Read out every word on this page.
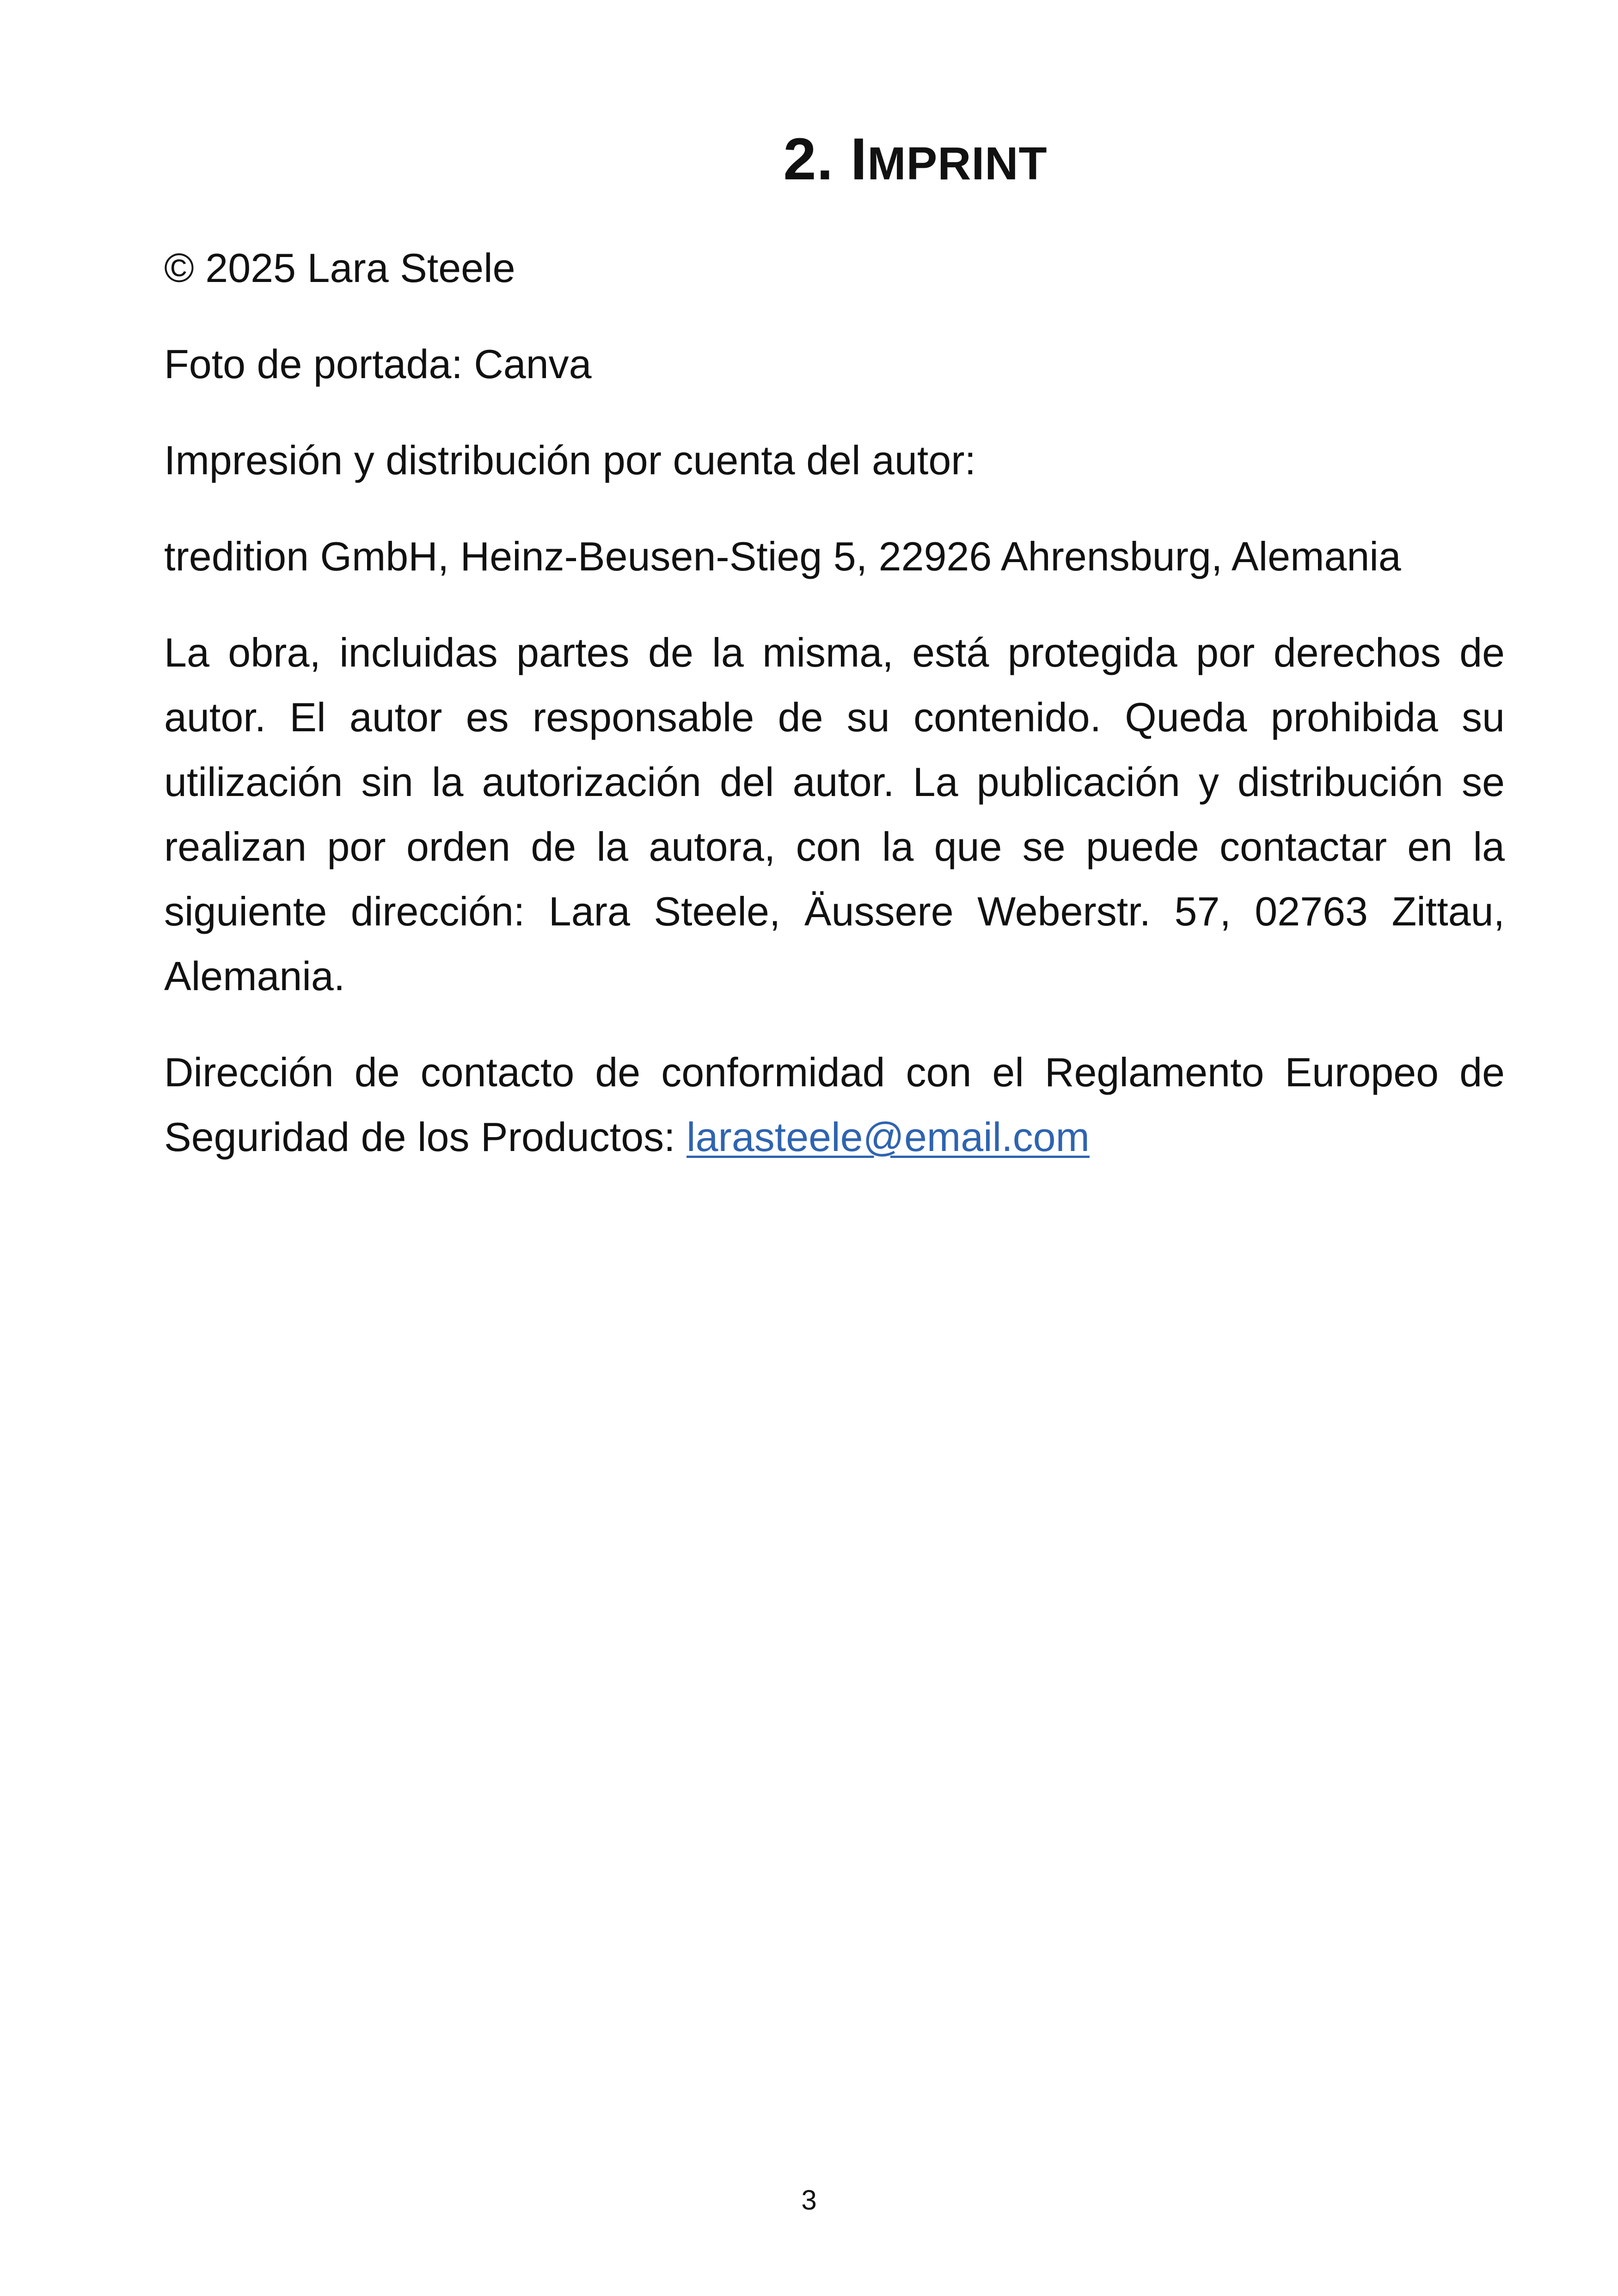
2. IMPRINT

© 2025 Lara Steele

Foto de portada: Canva

Impresión y distribución por cuenta del autor:

tredition GmbH, Heinz-Beusen-Stieg 5, 22926 Ahrensburg, Alemania

La obra, incluidas partes de la misma, está protegida por derechos de autor. El autor es responsable de su contenido. Queda prohibida su utilización sin la autorización del autor. La publicación y distribución se realizan por orden de la autora, con la que se puede contactar en la siguiente dirección: Lara Steele, Äussere Weberstr. 57, 02763 Zittau, Alemania.

Dirección de contacto de conformidad con el Reglamento Europeo de Seguridad de los Productos: larasteele@email.com

3
